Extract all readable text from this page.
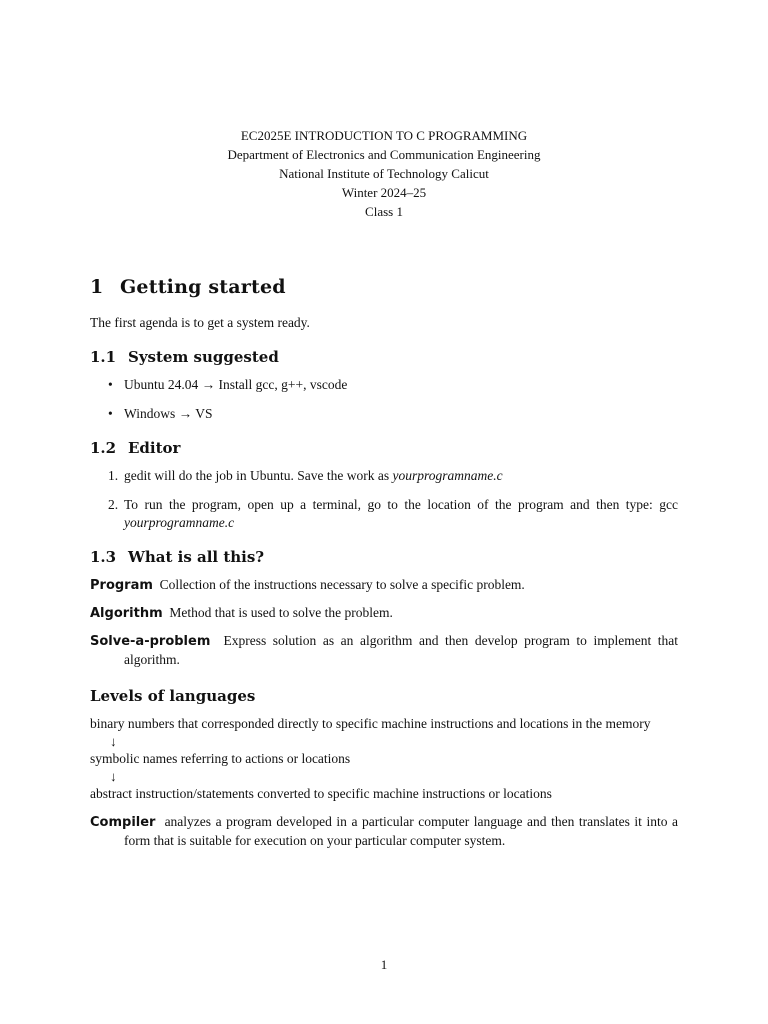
EC2025E INTRODUCTION TO C PROGRAMMING
Department of Electronics and Communication Engineering
National Institute of Technology Calicut
Winter 2024–25
Class 1
1 Getting started

The first agenda is to get a system ready.

1.1 System suggested
• Ubuntu 24.04 → Install gcc, g++, vscode
• Windows → VS
1.2 Editor
1. gedit will do the job in Ubuntu. Save the work as yourprogramname.c
2. To run the program, open up a terminal, go to the location of the program and then type: gcc yourprogramname.c
1.3 What is all this?
Program Collection of the instructions necessary to solve a specific problem.
Algorithm Method that is used to solve the problem.
Solve-a-problem Express solution as an algorithm and then develop program to implement that algorithm.
Levels of languages

binary numbers that corresponded directly to specific machine instructions and locations in the memory

↓

symbolic names referring to actions or locations

↓

abstract instruction/statements converted to specific machine instructions or locations

Compiler analyzes a program developed in a particular computer language and then translates it into a form that is suitable for execution on your particular computer system.
1
